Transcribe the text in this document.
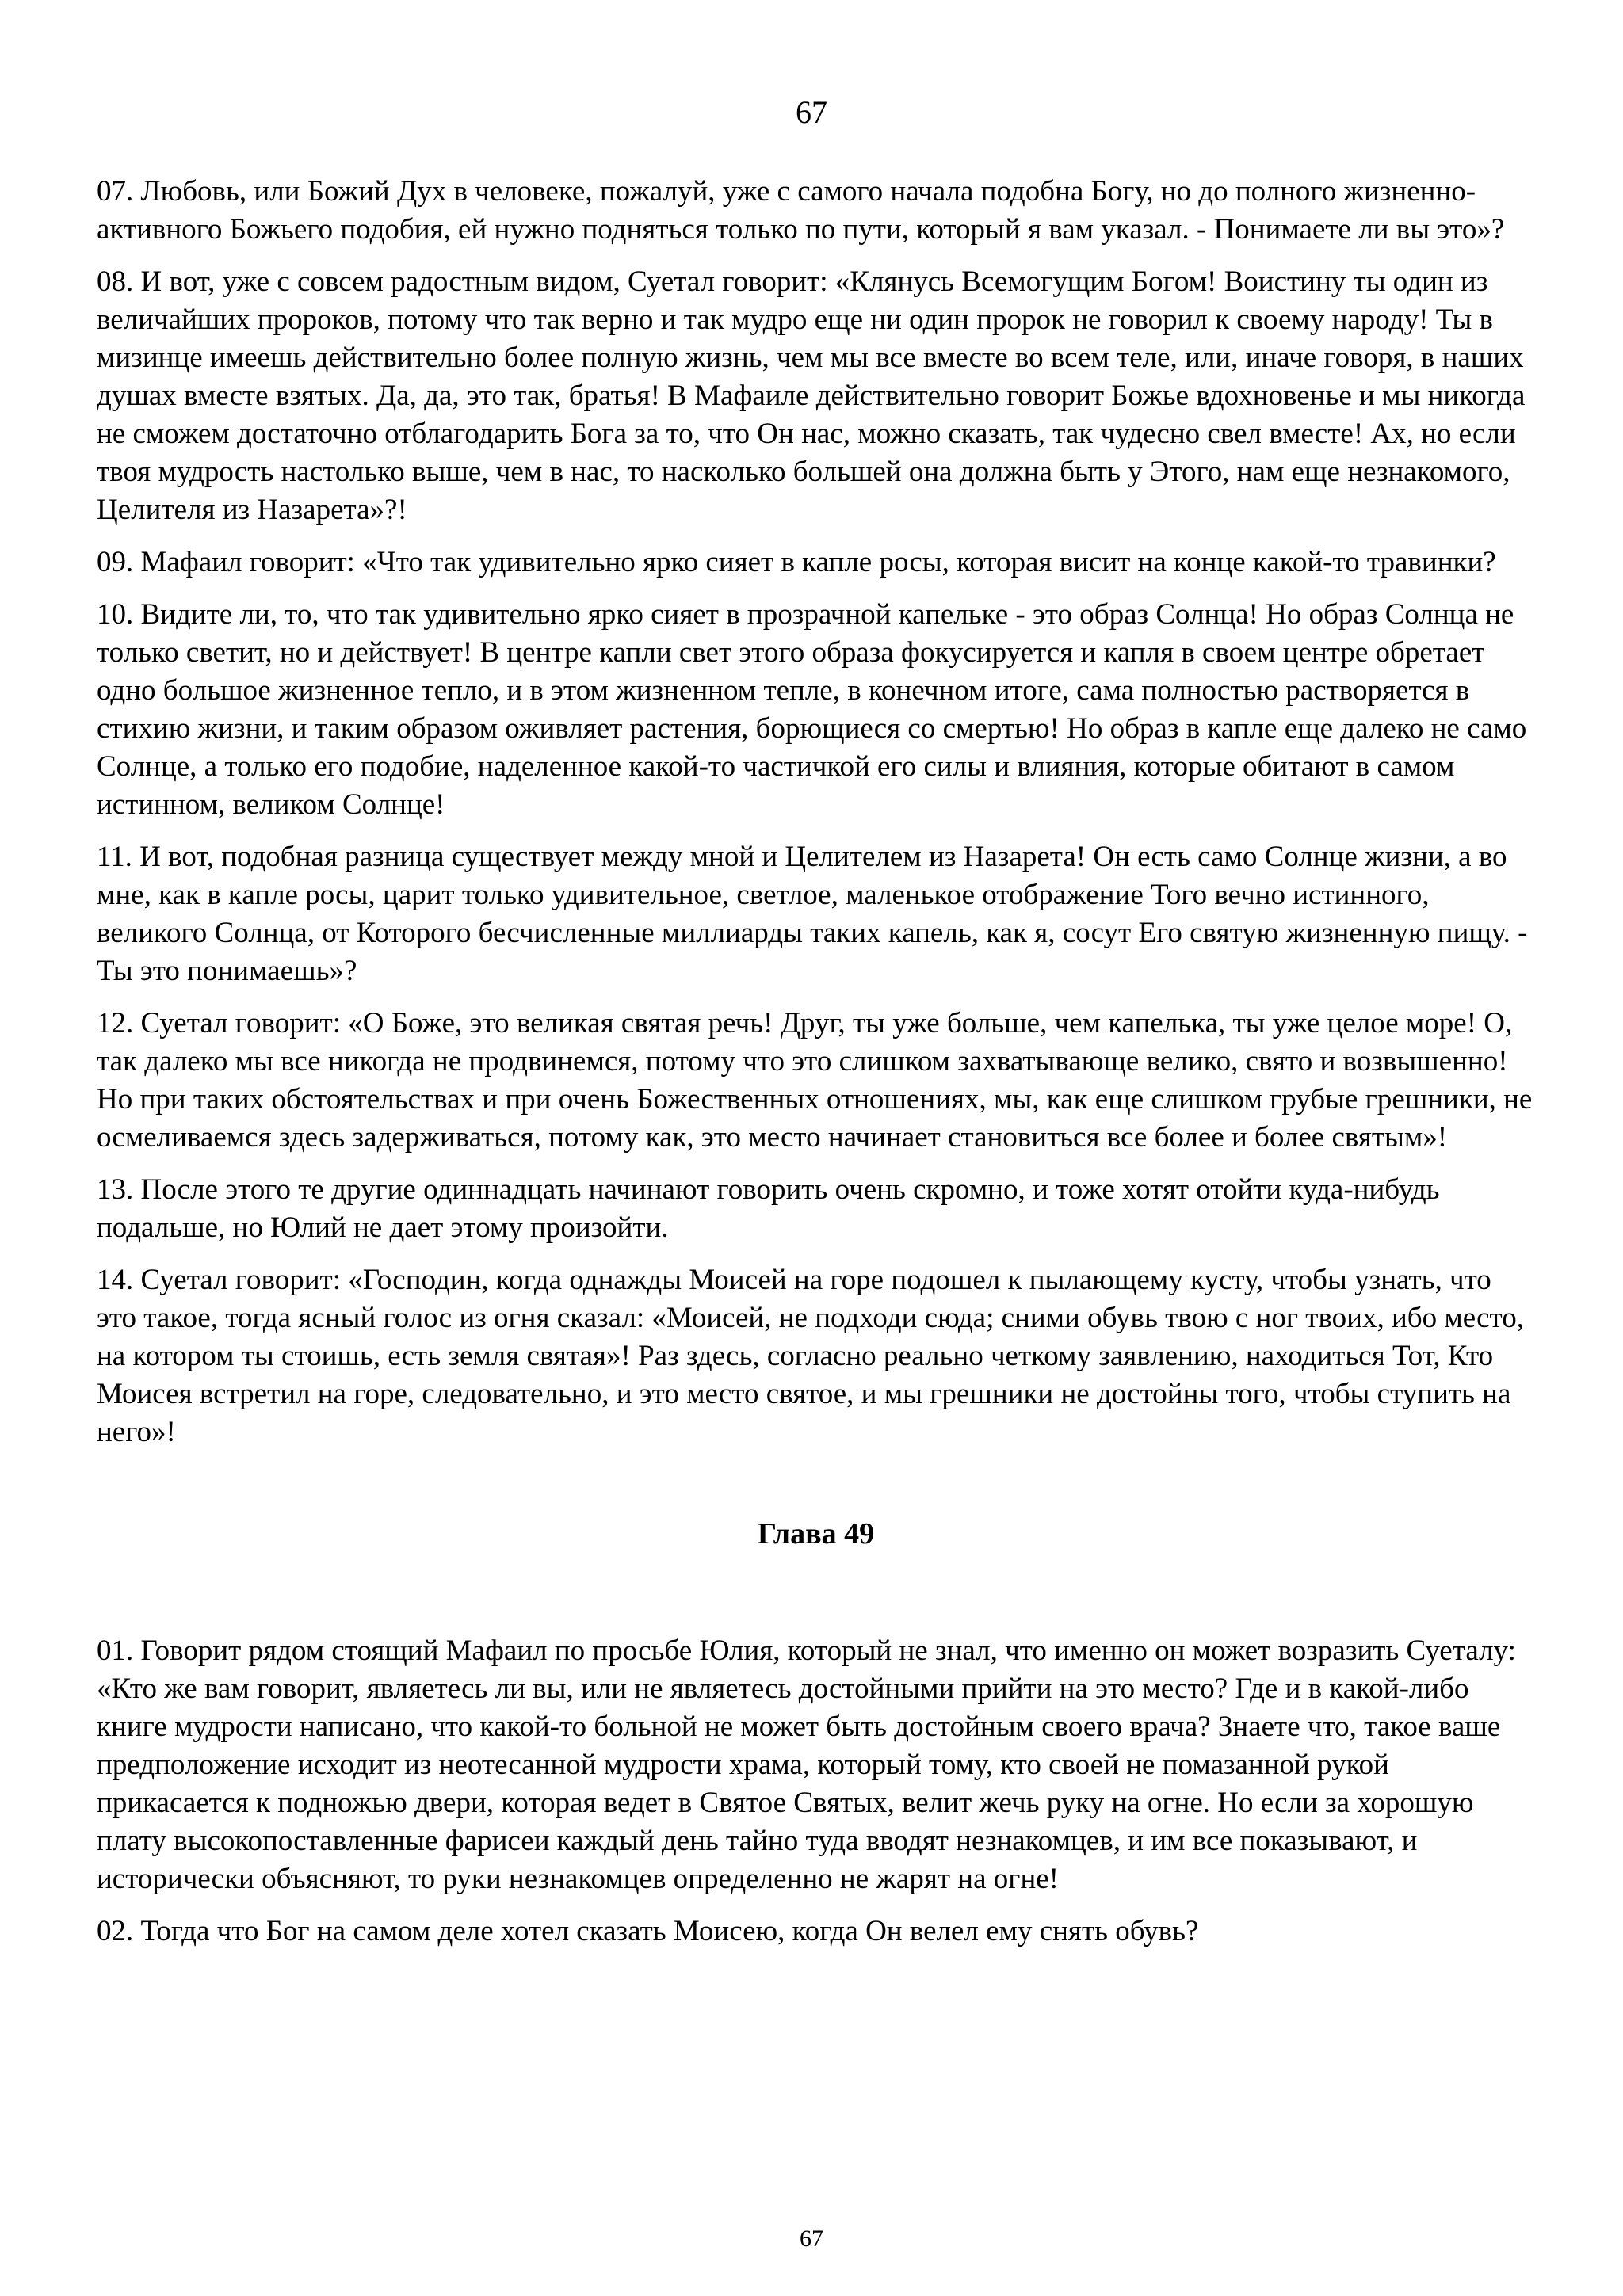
67

07. Любовь, или Божий Дух в человеке, пожалуй, уже с самого начала подобна Богу, но до полного жизненно-активного Божьего подобия, ей нужно подняться только по пути, который я вам указал. - Понимаете ли вы это»?

08. И вот, уже с совсем радостным видом, Суетал говорит: «Клянусь Всемогущим Богом! Воистину ты один из величайших пророков, потому что так верно и так мудро еще ни один пророк не говорил к своему народу! Ты в мизинце имеешь действительно более полную жизнь, чем мы все вместе во всем теле, или, иначе говоря, в наших душах вместе взятых. Да, да, это так, братья! В Мафаиле действительно говорит Божье вдохновенье и мы никогда не сможем достаточно отблагодарить Бога за то, что Он нас, можно сказать, так чудесно свел вместе! Ах, но если твоя мудрость настолько выше, чем в нас, то насколько большей она должна быть у Этого, нам еще незнакомого, Целителя из Назарета»?!

09. Мафаил говорит: «Что так удивительно ярко сияет в капле росы, которая висит на конце какой-то травинки?

10. Видите ли, то, что так удивительно ярко сияет в прозрачной капельке - это образ Солнца! Но образ Солнца не только светит, но и действует! В центре капли свет этого образа фокусируется и капля в своем центре обретает одно большое жизненное тепло, и в этом жизненном тепле, в конечном итоге, сама полностью растворяется в стихию жизни, и таким образом оживляет растения, борющиеся со смертью! Но образ в капле еще далеко не само Солнце, а только его подобие, наделенное какой-то частичкой его силы и влияния, которые обитают в самом истинном, великом Солнце!

11. И вот, подобная разница существует между мной и Целителем из Назарета! Он есть само Солнце жизни, а во мне, как в капле росы, царит только удивительное, светлое, маленькое отображение Того вечно истинного, великого Солнца, от Которого бесчисленные миллиарды таких капель, как я, сосут Его святую жизненную пищу. - Ты это понимаешь»?

12. Суетал говорит: «О Боже, это великая святая речь! Друг, ты уже больше, чем капелька, ты уже целое море! О, так далеко мы все никогда не продвинемся, потому что это слишком захватывающе велико, свято и возвышенно! Но при таких обстоятельствах и при очень Божественных отношениях, мы, как еще слишком грубые грешники, не осмеливаемся здесь задерживаться, потому как, это место начинает становиться все более и более святым»!

13. После этого те другие одиннадцать начинают говорить очень скромно, и тоже хотят отойти куда-нибудь подальше, но Юлий не дает этому произойти.

14. Суетал говорит: «Господин, когда однажды Моисей на горе подошел к пылающему кусту, чтобы узнать, что это такое, тогда ясный голос из огня сказал: «Моисей, не подходи сюда; сними обувь твою с ног твоих, ибо место, на котором ты стоишь, есть земля святая»! Раз здесь, согласно реально четкому заявлению, находиться Тот, Кто Моисея встретил на горе, следовательно, и это место святое, и мы грешники не достойны того, чтобы ступить на него»!

Глава 49

01. Говорит рядом стоящий Мафаил по просьбе Юлия, который не знал, что именно он может возразить Суеталу: «Кто же вам говорит, являетесь ли вы, или не являетесь достойными прийти на это место? Где и в какой-либо книге мудрости написано, что какой-то больной не может быть достойным своего врача? Знаете что, такое ваше предположение исходит из неотесанной мудрости храма, который тому, кто своей не помазанной рукой прикасается к подножью двери, которая ведет в Святое Святых, велит жечь руку на огне. Но если за хорошую плату высокопоставленные фарисеи каждый день тайно туда вводят незнакомцев, и им все показывают, и исторически объясняют, то руки незнакомцев определенно не жарят на огне!

02. Тогда что Бог на самом деле хотел сказать Моисею, когда Он велел ему снять обувь?

67
